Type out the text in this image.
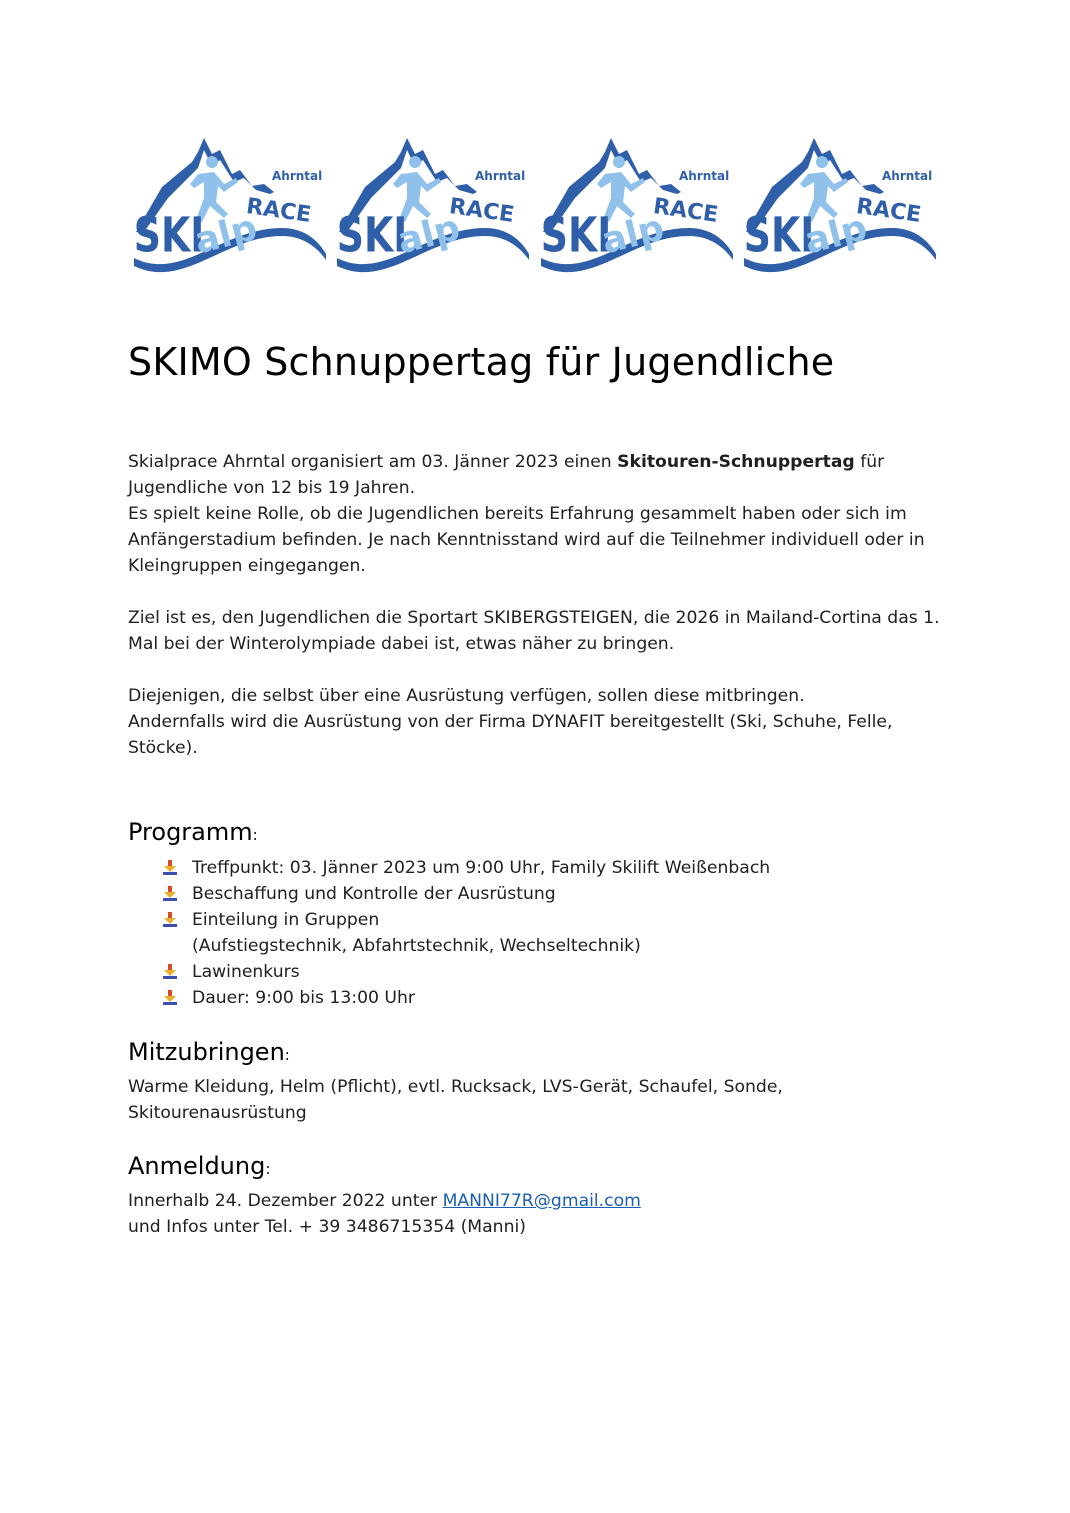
SKI
alp
RACE
Ahrntal
SKI
alp
RACE
Ahrntal
SKI
alp
RACE
Ahrntal
SKI
alp
RACE
Ahrntal
SKIMO Schnuppertag für Jugendliche

Skialprace Ahrntal organisiert am 03. Jänner 2023 einen Skitouren-Schnuppertag für Jugendliche von 12 bis 19 Jahren.

Es spielt keine Rolle, ob die Jugendlichen bereits Erfahrung gesammelt haben oder sich im Anfängerstadium befinden. Je nach Kenntnisstand wird auf die Teilnehmer individuell oder in Kleingruppen eingegangen.

Ziel ist es, den Jugendlichen die Sportart SKIBERGSTEIGEN, die 2026 in Mailand-Cortina das 1. Mal bei der Winterolympiade dabei ist, etwas näher zu bringen.

Diejenigen, die selbst über eine Ausrüstung verfügen, sollen diese mitbringen.

Andernfalls wird die Ausrüstung von der Firma DYNAFIT bereitgestellt (Ski, Schuhe, Felle, Stöcke).

Programm:
Treffpunkt: 03. Jänner 2023 um 9:00 Uhr, Family Skilift Weißenbach
Beschaffung und Kontrolle der Ausrüstung
Einteilung in Gruppen
(Aufstiegstechnik, Abfahrtstechnik, Wechseltechnik)
Lawinenkurs
Dauer: 9:00 bis 13:00 Uhr
Mitzubringen:

Warme Kleidung, Helm (Pflicht), evtl. Rucksack, LVS-Gerät, Schaufel, Sonde, Skitourenausrüstung

Anmeldung:

Innerhalb 24. Dezember 2022 unter MANNI77R@gmail.com

und Infos unter Tel. + 39 3486715354 (Manni)
